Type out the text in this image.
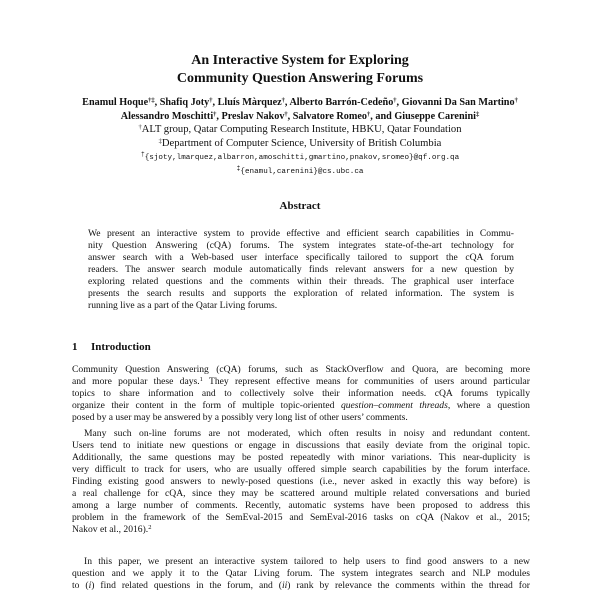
An Interactive System for Exploring
Community Question Answering Forums
Enamul Hoque†‡, Shafiq Joty†, Lluís Màrquez†, Alberto Barrón-Cedeño†, Giovanni Da San Martino†
Alessandro Moschitti†, Preslav Nakov†, Salvatore Romeo†, and Giuseppe Carenini‡
†ALT group, Qatar Computing Research Institute, HBKU, Qatar Foundation
‡Department of Computer Science, University of British Columbia
†{sjoty,lmarquez,albarron,amoschitti,gmartino,pnakov,sromeo}@qf.org.qa
‡{enamul,carenini}@cs.ubc.ca
Abstract
We present an interactive system to provide effective and efficient search capabilities in Commu-
nity Question Answering (cQA) forums. The system integrates state-of-the-art technology for
answer search with a Web-based user interface specifically tailored to support the cQA forum
readers. The answer search module automatically finds relevant answers for a new question by
exploring related questions and the comments within their threads. The graphical user interface
presents the search results and supports the exploration of related information. The system is
running live as a part of the Qatar Living forums.
1 Introduction
Community Question Answering (cQA) forums, such as StackOverflow and Quora, are becoming more
and more popular these days.$^1$ They represent effective means for communities of users around particular
topics to share information and to collectively solve their information needs. cQA forums typically
organize their content in the form of multiple topic-oriented question–comment threads, where a question
posed by a user may be answered by a possibly very long list of other users’ comments.
Many such on-line forums are not moderated, which often results in noisy and redundant content.
Users tend to initiate new questions or engage in discussions that easily deviate from the original topic.
Additionally, the same questions may be posted repeatedly with minor variations. This near-duplicity is
very difficult to track for users, who are usually offered simple search capabilities by the forum interface.
Finding existing good answers to newly-posed questions (i.e., never asked in exactly this way before) is
a real challenge for cQA, since they may be scattered around multiple related conversations and buried
among a large number of comments. Recently, automatic systems have been proposed to address this
problem in the framework of the SemEval-2015 and SemEval-2016 tasks on cQA (Nakov et al., 2015;
Nakov et al., 2016).$^2$
In this paper, we present an interactive system tailored to help users to find good answers to a new
question and we apply it to the Qatar Living forum. The system integrates search and NLP modules
to (i) find related questions in the forum, and (ii) rank by relevance the comments within the thread for
